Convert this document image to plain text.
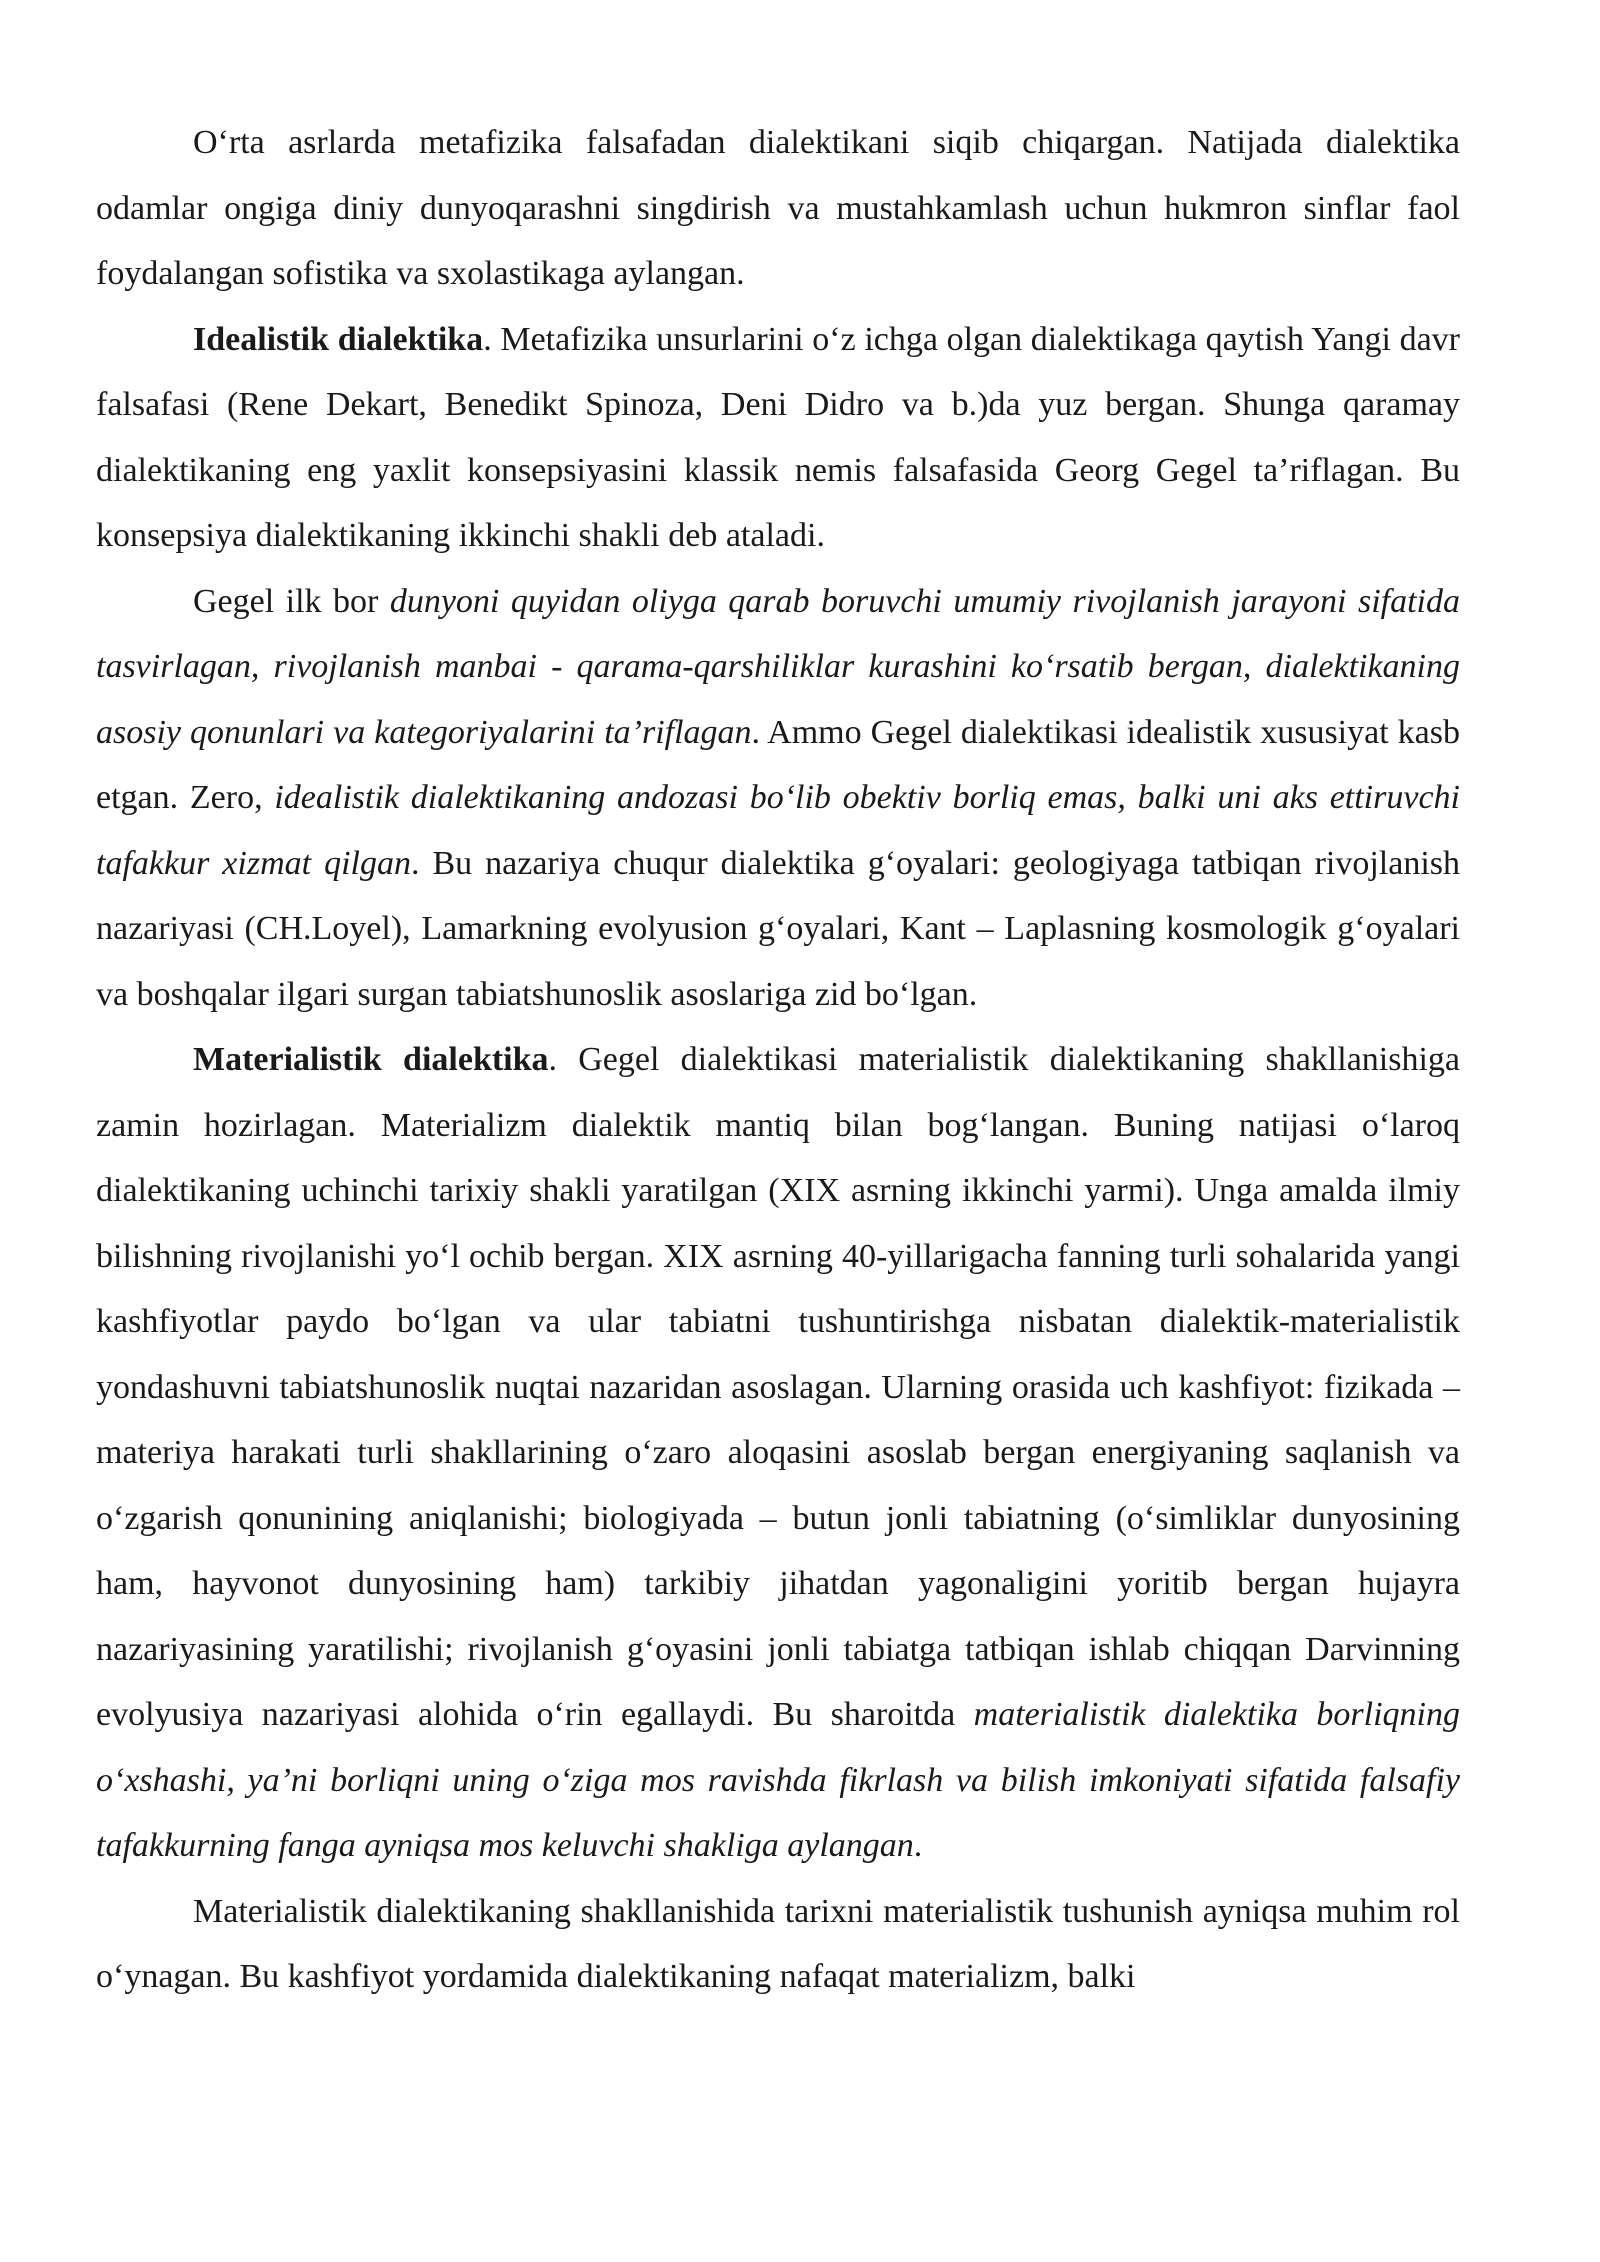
O‘rta asrlarda metafizika falsafadan dialektikani siqib chiqargan. Natijada dialektika odamlar ongiga diniy dunyoqarashni singdirish va mustahkamlash uchun hukmron sinflar faol foydalangan sofistika va sxolastikaga aylangan.

Idealistik dialektika. Metafizika unsurlarini o‘z ichga olgan dialektikaga qaytish Yangi davr falsafasi (Rene Dekart, Benedikt Spinoza, Deni Didro va b.)da yuz bergan. Shunga qaramay dialektikaning eng yaxlit konsepsiyasini klassik nemis falsafasida Georg Gegel ta’riflagan. Bu konsepsiya dialektikaning ikkinchi shakli deb ataladi.

Gegel ilk bor dunyoni quyidan oliyga qarab boruvchi umumiy rivojlanish jarayoni sifatida tasvirlagan, rivojlanish manbai - qarama-qarshiliklar kurashini ko‘rsatib bergan, dialektikaning asosiy qonunlari va kategoriyalarini ta’riflagan. Ammo Gegel dialektikasi idealistik xususiyat kasb etgan. Zero, idealistik dialektikaning andozasi bo‘lib obektiv borliq emas, balki uni aks ettiruvchi tafakkur xizmat qilgan. Bu nazariya chuqur dialektika g‘oyalari: geologiyaga tatbiqan rivojlanish nazariyasi (CH.Loyel), Lamarkning evolyusion g‘oyalari, Kant – Laplasning kosmologik g‘oyalari va boshqalar ilgari surgan tabiatshunoslik asoslariga zid bo‘lgan.

Materialistik dialektika. Gegel dialektikasi materialistik dialektikaning shakllanishiga zamin hozirlagan. Materializm dialektik mantiq bilan bog‘langan. Buning natijasi o‘laroq dialektikaning uchinchi tarixiy shakli yaratilgan (XIX asrning ikkinchi yarmi). Unga amalda ilmiy bilishning rivojlanishi yo‘l ochib bergan. XIX asrning 40-yillarigacha fanning turli sohalarida yangi kashfiyotlar paydo bo‘lgan va ular tabiatni tushuntirishga nisbatan dialektik-materialistik yondashuvni tabiatshunoslik nuqtai nazaridan asoslagan. Ularning orasida uch kashfiyot: fizikada – materiya harakati turli shakllarining o‘zaro aloqasini asoslab bergan energiyaning saqlanish va o‘zgarish qonunining aniqlanishi; biologiyada – butun jonli tabiatning (o‘simliklar dunyosining ham, hayvonot dunyosining ham) tarkibiy jihatdan yagonaligini yoritib bergan hujayra nazariyasining yaratilishi; rivojlanish g‘oyasini jonli tabiatga tatbiqan ishlab chiqqan Darvinning evolyusiya nazariyasi alohida o‘rin egallaydi. Bu sharoitda materialistik dialektika borliqning o‘xshashi, ya’ni borliqni uning o‘ziga mos ravishda fikrlash va bilish imkoniyati sifatida falsafiy tafakkurning fanga ayniqsa mos keluvchi shakliga aylangan.

Materialistik dialektikaning shakllanishida tarixni materialistik tushunish ayniqsa muhim rol o‘ynagan. Bu kashfiyot yordamida dialektikaning nafaqat materializm, balki
